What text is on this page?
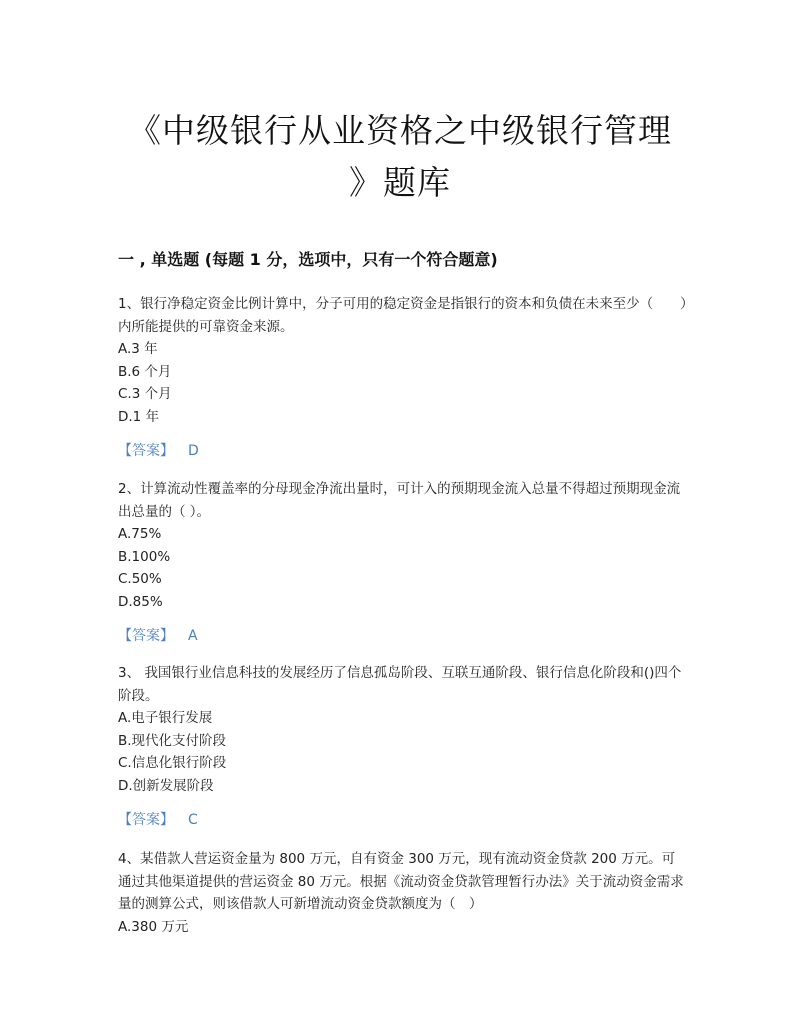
《中级银行从业资格之中级银行管理
》题库
一 , 单选题 (每题 1 分，选项中，只有一个符合题意)

1、银行净稳定资金比例计算中，分子可用的稳定资金是指银行的资本和负债在未来至少（　　）内所能提供的可靠资金来源。

A.3 年

B.6 个月

C.3 个月

D.1 年

【答案】 D

2、计算流动性覆盖率的分母现金净流出量时，可计入的预期现金流入总量不得超过预期现金流出总量的（ ）。

A.75%

B.100%

C.50%

D.85%

【答案】 A

3、 我国银行业信息科技的发展经历了信息孤岛阶段、互联互通阶段、银行信息化阶段和()四个阶段。

A.电子银行发展

B.现代化支付阶段

C.信息化银行阶段

D.创新发展阶段

【答案】 C

4、某借款人营运资金量为 800 万元，自有资金 300 万元，现有流动资金贷款 200 万元。可通过其他渠道提供的营运资金 80 万元。根据《流动资金贷款管理暂行办法》关于流动资金需求量的测算公式，则该借款人可新增流动资金贷款额度为（　）

A.380 万元
